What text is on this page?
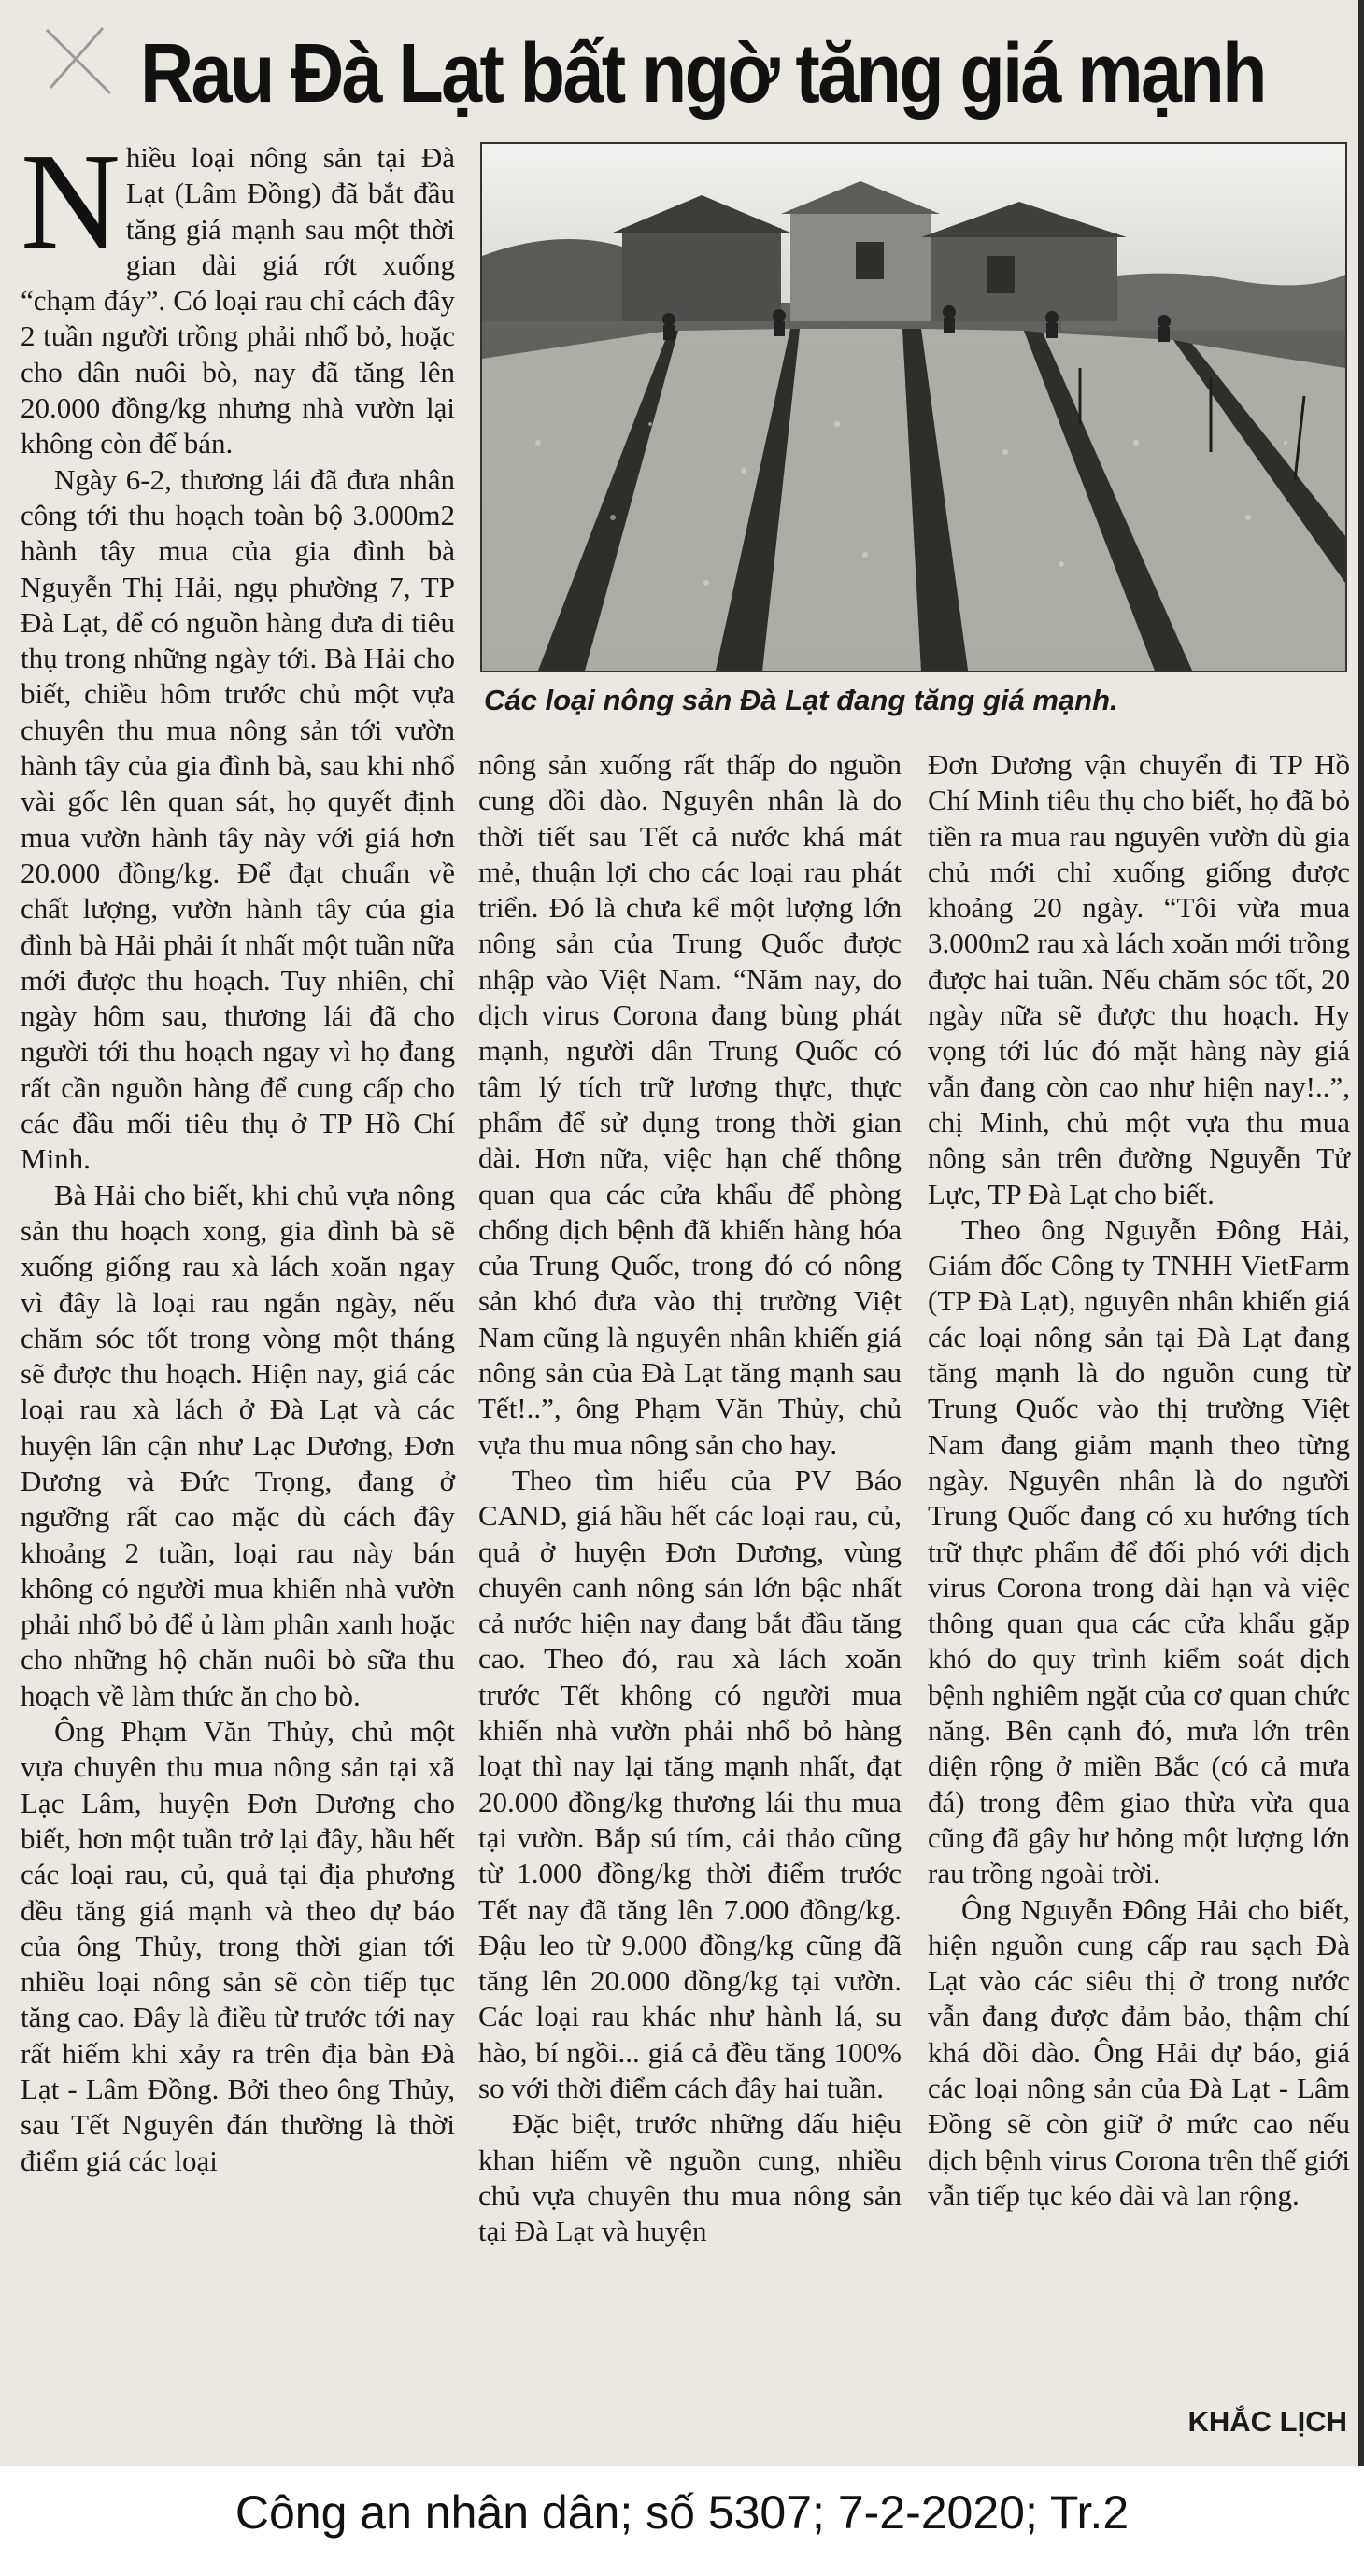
Rau Đà Lạt bất ngờ tăng giá mạnh

Nhiều loại nông sản tại Đà Lạt (Lâm Đồng) đã bắt đầu tăng giá mạnh sau một thời gian dài giá rớt xuống “chạm đáy”. Có loại rau chỉ cách đây 2 tuần người trồng phải nhổ bỏ, hoặc cho dân nuôi bò, nay đã tăng lên 20.000 đồng/kg nhưng nhà vườn lại không còn để bán.

Ngày 6-2, thương lái đã đưa nhân công tới thu hoạch toàn bộ 3.000m2 hành tây mua của gia đình bà Nguyễn Thị Hải, ngụ phường 7, TP Đà Lạt, để có nguồn hàng đưa đi tiêu thụ trong những ngày tới. Bà Hải cho biết, chiều hôm trước chủ một vựa chuyên thu mua nông sản tới vườn hành tây của gia đình bà, sau khi nhổ vài gốc lên quan sát, họ quyết định mua vườn hành tây này với giá hơn 20.000 đồng/kg. Để đạt chuẩn về chất lượng, vườn hành tây của gia đình bà Hải phải ít nhất một tuần nữa mới được thu hoạch. Tuy nhiên, chỉ ngày hôm sau, thương lái đã cho người tới thu hoạch ngay vì họ đang rất cần nguồn hàng để cung cấp cho các đầu mối tiêu thụ ở TP Hồ Chí Minh.

Bà Hải cho biết, khi chủ vựa nông sản thu hoạch xong, gia đình bà sẽ xuống giống rau xà lách xoăn ngay vì đây là loại rau ngắn ngày, nếu chăm sóc tốt trong vòng một tháng sẽ được thu hoạch. Hiện nay, giá các loại rau xà lách ở Đà Lạt và các huyện lân cận như Lạc Dương, Đơn Dương và Đức Trọng, đang ở ngưỡng rất cao mặc dù cách đây khoảng 2 tuần, loại rau này bán không có người mua khiến nhà vườn phải nhổ bỏ để ủ làm phân xanh hoặc cho những hộ chăn nuôi bò sữa thu hoạch về làm thức ăn cho bò.

Ông Phạm Văn Thủy, chủ một vựa chuyên thu mua nông sản tại xã Lạc Lâm, huyện Đơn Dương cho biết, hơn một tuần trở lại đây, hầu hết các loại rau, củ, quả tại địa phương đều tăng giá mạnh và theo dự báo của ông Thủy, trong thời gian tới nhiều loại nông sản sẽ còn tiếp tục tăng cao. Đây là điều từ trước tới nay rất hiếm khi xảy ra trên địa bàn Đà Lạt - Lâm Đồng. Bởi theo ông Thủy, sau Tết Nguyên đán thường là thời điểm giá các loại

Các loại nông sản Đà Lạt đang tăng giá mạnh.

nông sản xuống rất thấp do nguồn cung dồi dào. Nguyên nhân là do thời tiết sau Tết cả nước khá mát mẻ, thuận lợi cho các loại rau phát triển. Đó là chưa kể một lượng lớn nông sản của Trung Quốc được nhập vào Việt Nam. “Năm nay, do dịch virus Corona đang bùng phát mạnh, người dân Trung Quốc có tâm lý tích trữ lương thực, thực phẩm để sử dụng trong thời gian dài. Hơn nữa, việc hạn chế thông quan qua các cửa khẩu để phòng chống dịch bệnh đã khiến hàng hóa của Trung Quốc, trong đó có nông sản khó đưa vào thị trường Việt Nam cũng là nguyên nhân khiến giá nông sản của Đà Lạt tăng mạnh sau Tết!..”, ông Phạm Văn Thủy, chủ vựa thu mua nông sản cho hay.

Theo tìm hiểu của PV Báo CAND, giá hầu hết các loại rau, củ, quả ở huyện Đơn Dương, vùng chuyên canh nông sản lớn bậc nhất cả nước hiện nay đang bắt đầu tăng cao. Theo đó, rau xà lách xoăn trước Tết không có người mua khiến nhà vườn phải nhổ bỏ hàng loạt thì nay lại tăng mạnh nhất, đạt 20.000 đồng/kg thương lái thu mua tại vườn. Bắp sú tím, cải thảo cũng từ 1.000 đồng/kg thời điểm trước Tết nay đã tăng lên 7.000 đồng/kg. Đậu leo từ 9.000 đồng/kg cũng đã tăng lên 20.000 đồng/kg tại vườn. Các loại rau khác như hành lá, su hào, bí ngồi... giá cả đều tăng 100% so với thời điểm cách đây hai tuần.

Đặc biệt, trước những dấu hiệu khan hiếm về nguồn cung, nhiều chủ vựa chuyên thu mua nông sản tại Đà Lạt và huyện

Đơn Dương vận chuyển đi TP Hồ Chí Minh tiêu thụ cho biết, họ đã bỏ tiền ra mua rau nguyên vườn dù gia chủ mới chỉ xuống giống được khoảng 20 ngày. “Tôi vừa mua 3.000m2 rau xà lách xoăn mới trồng được hai tuần. Nếu chăm sóc tốt, 20 ngày nữa sẽ được thu hoạch. Hy vọng tới lúc đó mặt hàng này giá vẫn đang còn cao như hiện nay!..”, chị Minh, chủ một vựa thu mua nông sản trên đường Nguyễn Tử Lực, TP Đà Lạt cho biết.

Theo ông Nguyễn Đông Hải, Giám đốc Công ty TNHH VietFarm (TP Đà Lạt), nguyên nhân khiến giá các loại nông sản tại Đà Lạt đang tăng mạnh là do nguồn cung từ Trung Quốc vào thị trường Việt Nam đang giảm mạnh theo từng ngày. Nguyên nhân là do người Trung Quốc đang có xu hướng tích trữ thực phẩm để đối phó với dịch virus Corona trong dài hạn và việc thông quan qua các cửa khẩu gặp khó do quy trình kiểm soát dịch bệnh nghiêm ngặt của cơ quan chức năng. Bên cạnh đó, mưa lớn trên diện rộng ở miền Bắc (có cả mưa đá) trong đêm giao thừa vừa qua cũng đã gây hư hỏng một lượng lớn rau trồng ngoài trời.

Ông Nguyễn Đông Hải cho biết, hiện nguồn cung cấp rau sạch Đà Lạt vào các siêu thị ở trong nước vẫn đang được đảm bảo, thậm chí khá dồi dào. Ông Hải dự báo, giá các loại nông sản của Đà Lạt - Lâm Đồng sẽ còn giữ ở mức cao nếu dịch bệnh virus Corona trên thế giới vẫn tiếp tục kéo dài và lan rộng.

KHẮC LỊCH
Công an nhân dân; số 5307; 7-2-2020; Tr.2
